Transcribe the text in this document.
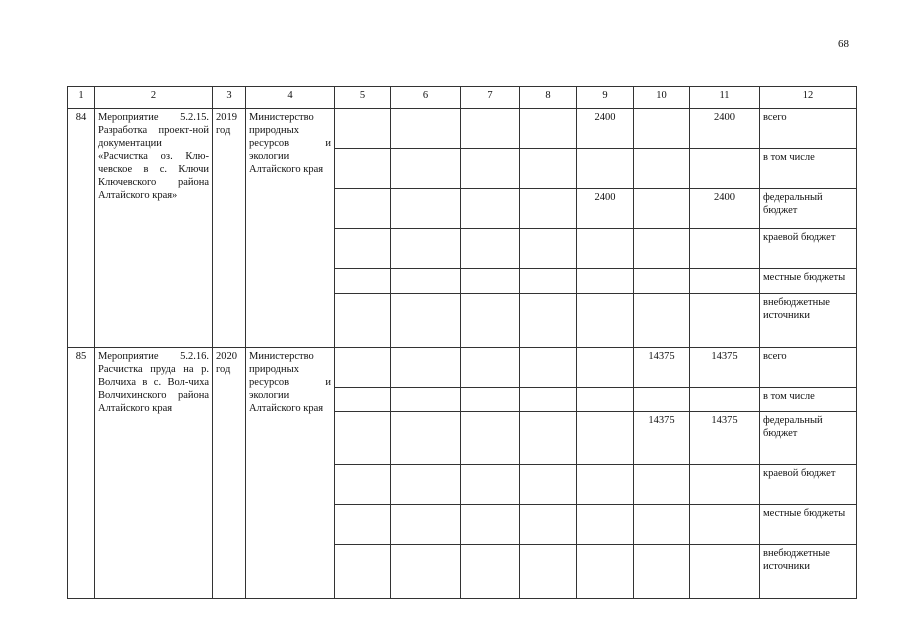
68
1	2	3	4	5	6	7	8	9	10	11	12
84	Мероприятие 5.2.15. Разработка проект-ной документации «Расчистка оз. Клю-чевское в с. Ключи Ключевского района Алтайского края»	2019 год	Министерство природных ресурсов и экологии Алтайского края					2400		2400	всего
											в том числе
								2400		2400	федеральный бюджет
											краевой бюджет
											местные бюджеты
											внебюджетные источники
85	Мероприятие 5.2.16. Расчистка пруда на р. Волчиха в с. Вол-чиха Волчихинского района Алтайского края	2020 год	Министерство природных ресурсов и экологии Алтайского края						14375	14375	всего
											в том числе
									14375	14375	федеральный бюджет
											краевой бюджет
											местные бюджеты
											внебюджетные источники
